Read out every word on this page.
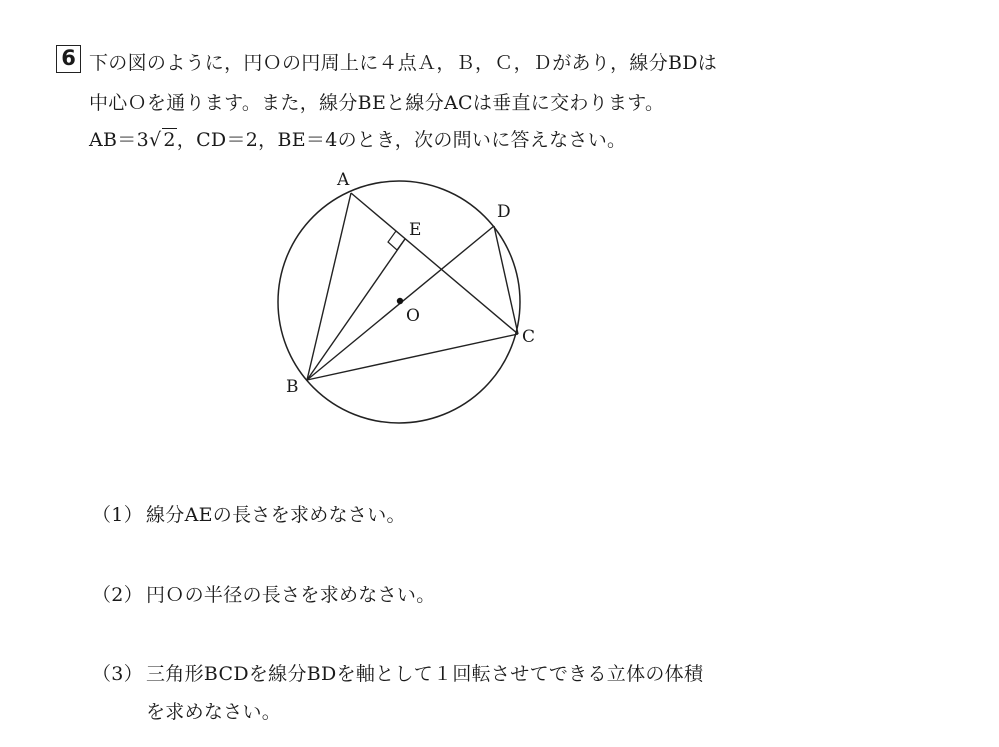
6 下の図のように，円Ｏの円周上に４点Ａ，Ｂ，Ｃ，Ｄがあり，線分BDは
中心Ｏを通ります。また，線分BEと線分ACは垂直に交わります。
AB＝3√ 2，CD＝2，BE＝4のとき，次の問いに答えなさい。
A
D
E
O
C
B
（1） 線分AEの長さを求めなさい。
（2） 円Ｏの半径の長さを求めなさい。
（3） 三角形BCDを線分BDを軸として１回転させてできる立体の体積
を求めなさい。
